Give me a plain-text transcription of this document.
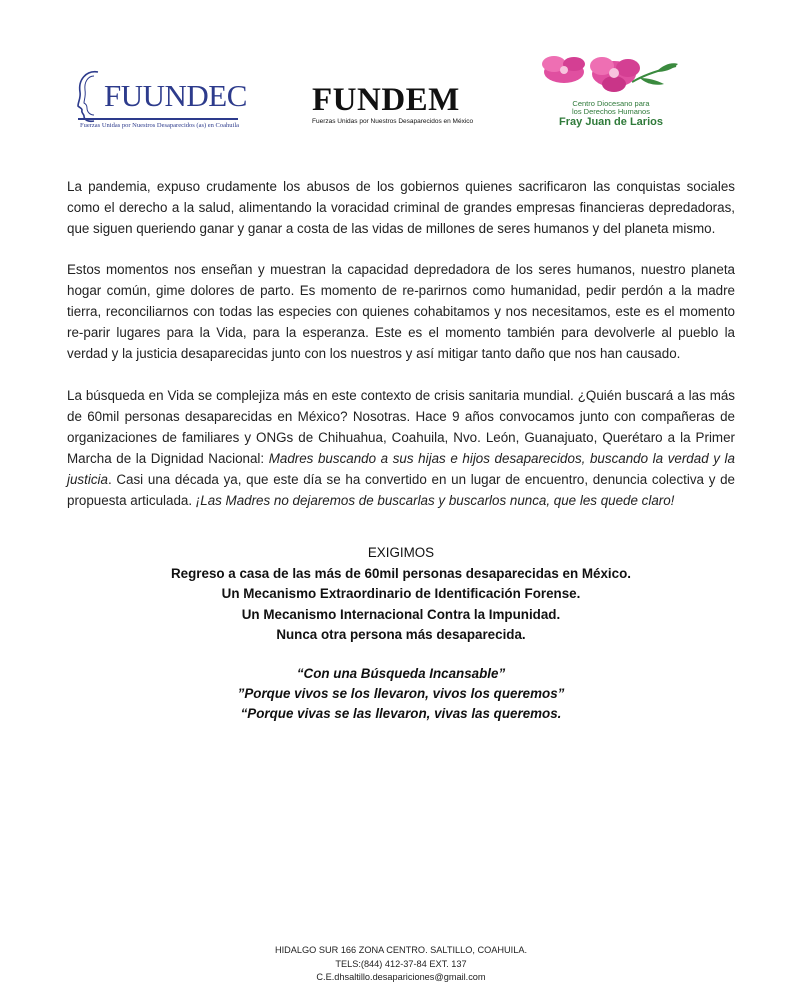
FUUNDEC
Fuerzas Unidas por Nuestros Desaparecidos (as) en Coahuila
FUNDEM
Fuerzas Unidas por Nuestros Desaparecidos en México
Centro Diocesano para
los Derechos Humanos
Fray Juan de Larios

La pandemia, expuso crudamente los abusos de los gobiernos quienes sacrificaron las conquistas sociales como el derecho a la salud, alimentando la voracidad criminal de grandes empresas financieras depredadoras, que siguen queriendo ganar y ganar a costa de las vidas de millones de seres humanos y del planeta mismo.

Estos momentos nos enseñan y muestran la capacidad depredadora de los seres humanos, nuestro planeta hogar común, gime dolores de parto. Es momento de re-parirnos como humanidad, pedir perdón a la madre tierra, reconciliarnos con todas las especies con quienes cohabitamos y nos necesitamos, este es el momento re-parir lugares para la Vida, para la esperanza. Este es el momento también para devolverle al pueblo la verdad y la justicia desaparecidas junto con los nuestros y así mitigar tanto daño que nos han causado.

La búsqueda en Vida se complejiza más en este contexto de crisis sanitaria mundial. ¿Quién buscará a las más de 60mil personas desaparecidas en México? Nosotras. Hace 9 años convocamos junto con compañeras de organizaciones de familiares y ONGs de Chihuahua, Coahuila, Nvo. León, Guanajuato, Querétaro a la Primer Marcha de la Dignidad Nacional: Madres buscando a sus hijas e hijos desaparecidos, buscando la verdad y la justicia. Casi una década ya, que este día se ha convertido en un lugar de encuentro, denuncia colectiva y de propuesta articulada. ¡Las Madres no dejaremos de buscarlas y buscarlos nunca, que les quede claro!

EXIGIMOS
Regreso a casa de las más de 60mil personas desaparecidas en México.
Un Mecanismo Extraordinario de Identificación Forense.
Un Mecanismo Internacional Contra la Impunidad.
Nunca otra persona más desaparecida.
“Con una Búsqueda Incansable”
”Porque vivos se los llevaron, vivos los queremos”
“Porque vivas se las llevaron, vivas las queremos.
HIDALGO SUR 166 ZONA CENTRO. SALTILLO, COAHUILA.
TELS:(844) 412-37-84 EXT. 137
C.E.dhsaltillo.desapariciones@gmail.com
